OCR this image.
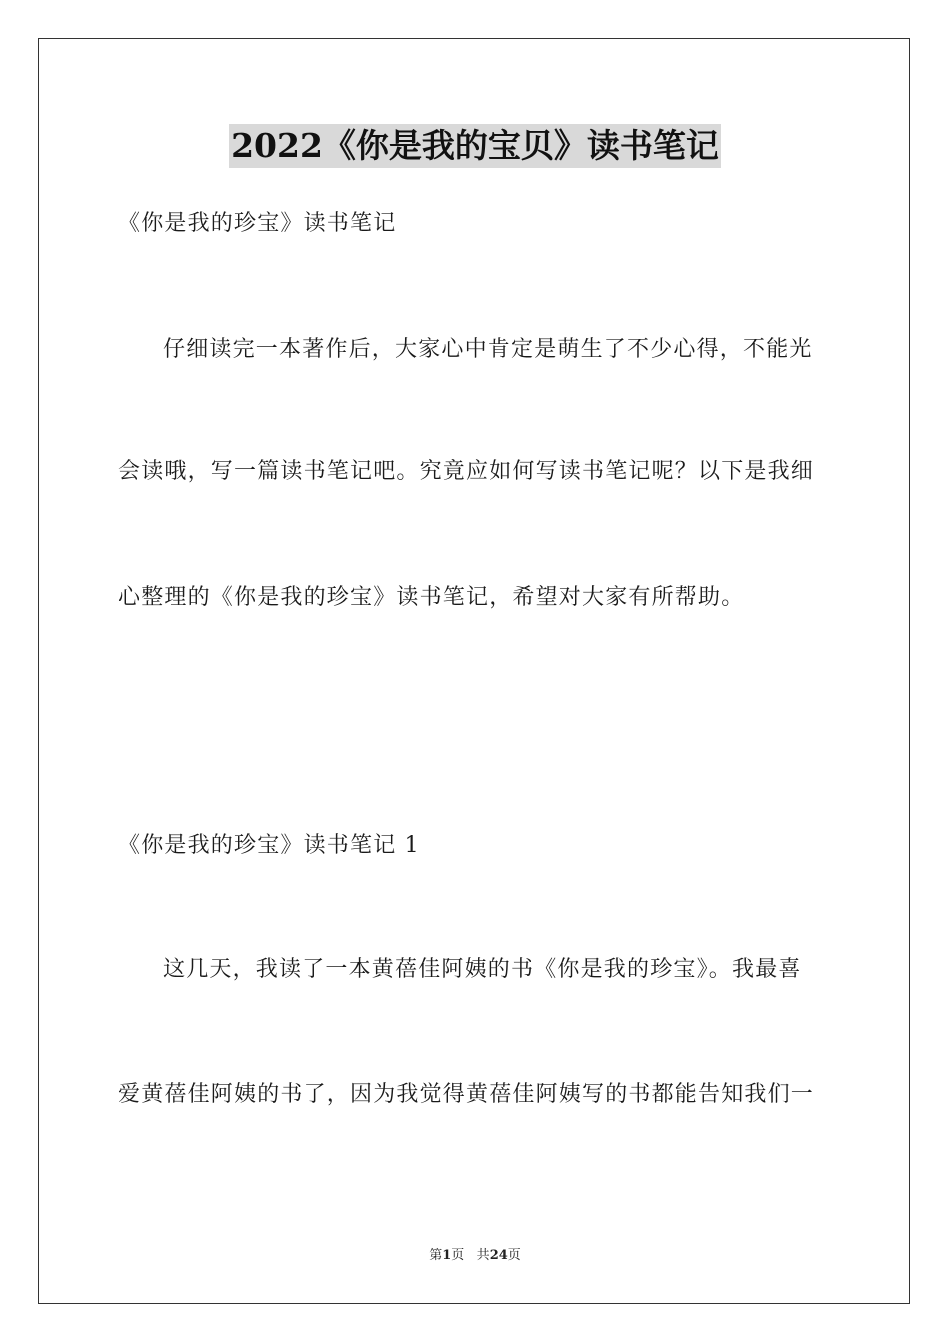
2022《你是我的宝贝》读书笔记
《你是我的珍宝》读书笔记
仔细读完一本著作后，大家心中肯定是萌生了不少心得，不能光
会读哦，写一篇读书笔记吧。究竟应如何写读书笔记呢？以下是我细
心整理的《你是我的珍宝》读书笔记，希望对大家有所帮助。
《你是我的珍宝》读书笔记 1
这几天，我读了一本黄蓓佳阿姨的书《你是我的珍宝》。我最喜
爱黄蓓佳阿姨的书了，因为我觉得黄蓓佳阿姨写的书都能告知我们一
第1页 共24页
